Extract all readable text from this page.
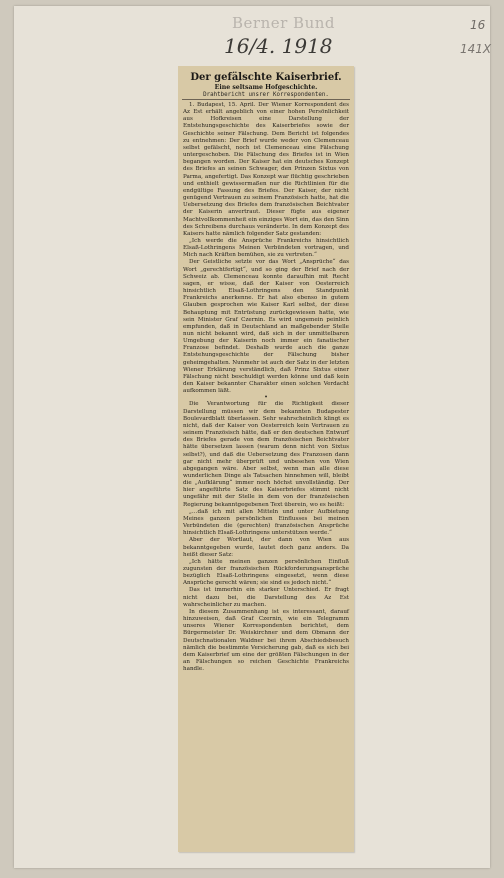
Berner Bund
16/4. 1918
16
141X
Der gefälschte Kaiserbrief.
Eine seltsame Hofgeschichte.
Drahtbericht unsrer Korrespondenten.

1. Budapest, 15. April. Der Wiener Korrespondent des Az Est erhält angeblich von einer hohen Persönlichkeit aus Hofkreisen eine Darstellung der Entstehungsgeschichte des Kaiserbriefes sowie der Geschichte seiner Fälschung. Dem Bericht ist folgendes zu entnehmen: Der Brief wurde weder von Clemenceau selbst gefälscht, noch ist Clemenceau eine Fälschung untergeschoben. Die Fälschung des Briefes ist in Wien begangen worden. Der Kaiser hat ein deutsches Konzept des Briefes an seinen Schwager, den Prinzen Sixtus von Parma, angefertigt. Das Konzept war flüchtig geschrieben und enthielt gewissermaßen nur die Richtlinien für die endgültige Fassung des Briefes. Der Kaiser, der nicht genügend Vertrauen zu seinem Französisch hatte, hat die Uebersetzung des Briefes dem französischen Beichtvater der Kaiserin anvertraut. Dieser fügte aus eigener Machtvollkommenheit ein einziges Wort ein, das den Sinn des Schreibens durchaus veränderte. In dem Konzept des Kaisers hatte nämlich folgender Satz gestanden:

„Ich werde die Ansprüche Frankreichs hinsichtlich Elsaß-Lothringens Meinen Verbündeten vortragen, und Mich nach Kräften bemühen, sie zu vertreten.“

Der Geistliche setzte vor das Wort „Ansprüche“ das Wort „gerechtfertigt“, und so ging der Brief nach der Schweiz ab. Clemenceau konnte daraufhin mit Recht sagen, er wisse, daß der Kaiser von Oesterreich hinsichtlich Elsaß-Lothringens den Standpunkt Frankreichs anerkenne. Er hat also ebenso in gutem Glauben gesprochen wie Kaiser Karl selbst, der diese Behauptung mit Entrüstung zurückgewiesen hatte, wie sein Minister Graf Czernin. Es wird ungemein peinlich empfunden, daß in Deutschland an maßgebender Stelle nun nicht bekannt wird, daß sich in der unmittelbaren Umgebung der Kaiserin noch immer ein fanatischer Franzose befindet. Deshalb wurde auch die ganze Entstehungsgeschichte der Fälschung bisher geheimgehalten. Nunmehr ist auch der Satz in der letzten Wiener Erklärung verständlich, daß Prinz Sixtus einer Fälschung nicht beschuldigt werden könne und daß kein den Kaiser bekannter Charakter einen solchen Verdacht aufkommen läßt.

•

Die Verantwortung für die Richtigkeit dieser Darstellung müssen wir dem bekannten Budapester Boulevardblatt überlassen. Sehr wahrscheinlich klingt es nicht, daß der Kaiser von Oesterreich kein Vertrauen zu seinem Französisch hätte, daß er den deutschen Entwurf des Briefes gerade von dem französischen Beichtvater hätte übersetzen lassen (warum denn nicht von Sixtus selbst?), und daß die Uebersetzung des Franzosen dann gar nicht mehr überprüft und unbesehen von Wien abgegangen wäre. Aber selbst, wenn man alle diese wunderlichen Dinge als Tatsachen hinnehmen will, bleibt die „Aufklärung“ immer noch höchst unvollständig. Der hier angeführte Satz des Kaiserbriefes stimmt nicht ungefähr mit der Stelle in dem von der französischen Regierung bekanntgegebenen Text überein, wo es heißt:

„…daß ich mit allen Mitteln und unter Aufbietung Meines ganzen persönlichen Einflusses bei meinen Verbündeten die (gerechten) französischen Ansprüche hinsichtlich Elsaß-Lothringens unterstützen werde.“

Aber der Wortlaut, der dann von Wien aus bekanntgegeben wurde, lautet doch ganz anders. Da heißt dieser Satz:

„Ich hätte meinen ganzen persönlichen Einfluß zugunsten der französischen Rückforderungsansprüche bezüglich Elsaß-Lothringens eingesetzt, wenn diese Ansprüche gerecht wären; sie sind es jedoch nicht.“

Das ist immerhin ein starker Unterschied. Er fragt nicht dazu bei, die Darstellung des Az Est wahrscheinlicher zu machen.

In diesem Zusammenhang ist es interessant, darauf hinzuweisen, daß Graf Czernin, wie ein Telegramm unseres Wiener Korrespondenten berichtet, dem Bürgermeister Dr. Weiskirchner und dem Obmann der Deutschnationalen Waldner bei ihrem Abschiedsbesuch nämlich die bestimmte Versicherung gab, daß es sich bei dem Kaiserbrief um eine der größten Fälschungen in der an Fälschungen so reichen Geschichte Frankreichs handle.
